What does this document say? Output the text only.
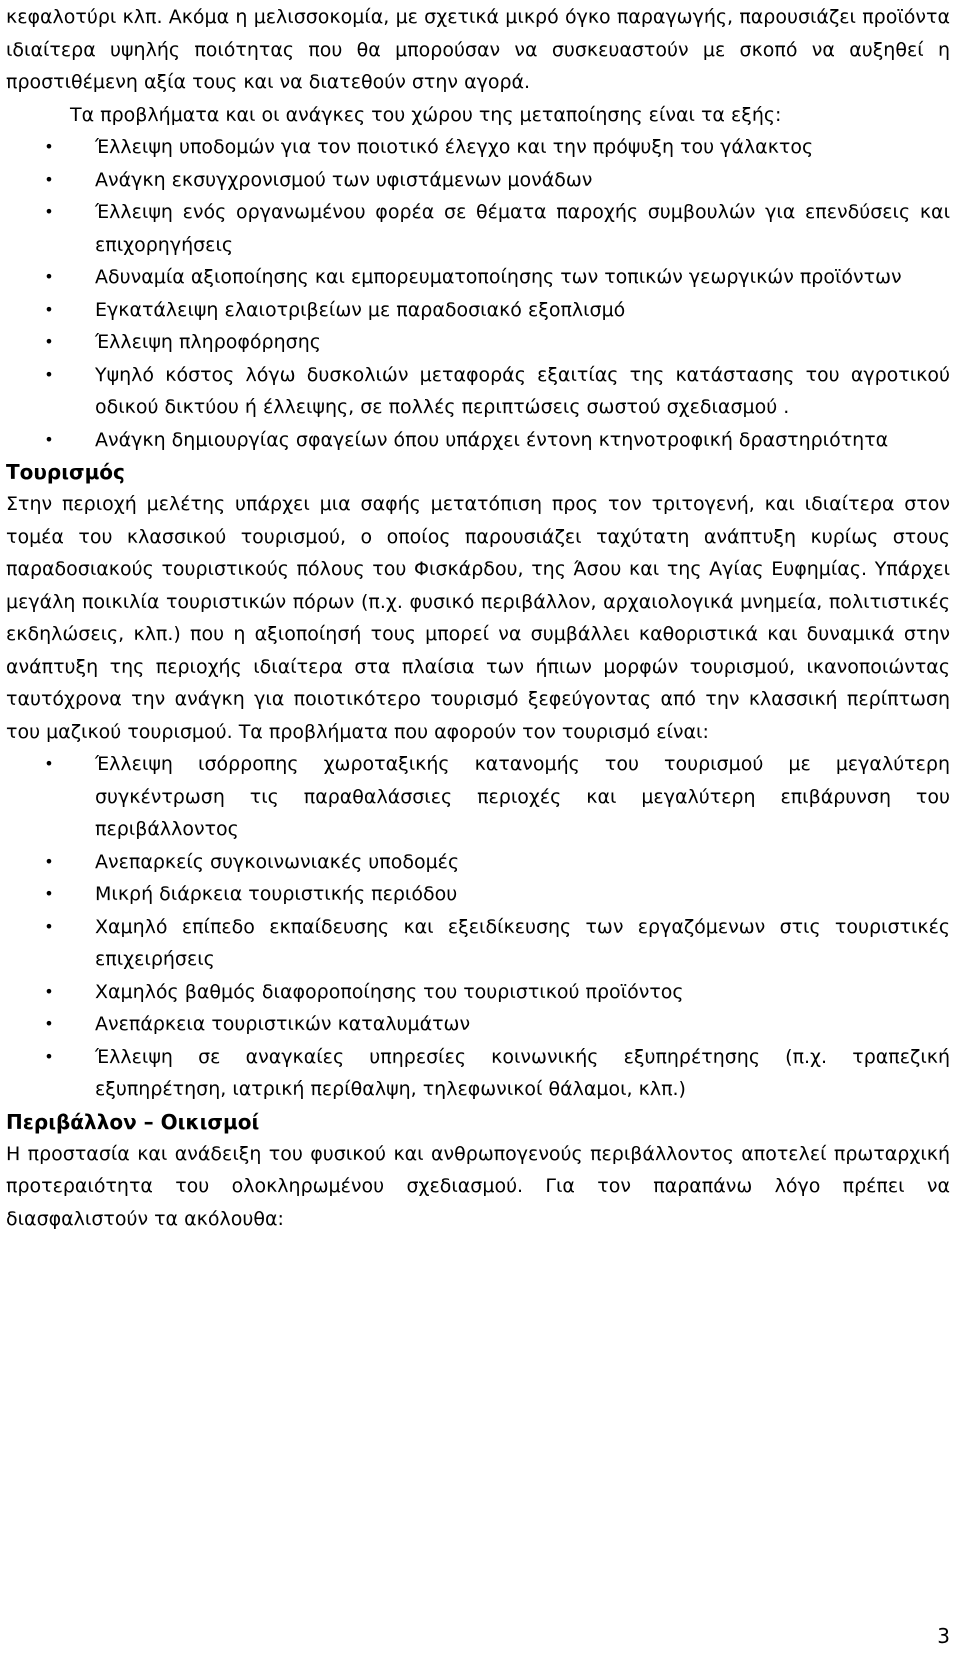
κεφαλοτύρι κλπ. Ακόμα η μελισσοκομία, με σχετικά μικρό όγκο παραγωγής, παρουσιάζει προϊόντα ιδιαίτερα υψηλής ποιότητας που θα μπορούσαν να συσκευαστούν με σκοπό να αυξηθεί η προστιθέμενη αξία τους και να διατεθούν στην αγορά.

Τα προβλήματα και οι ανάγκες του χώρου της μεταποίησης είναι τα εξής:

• Έλλειψη υποδομών για τον ποιοτικό έλεγχο και την πρόψυξη του γάλακτος
• Ανάγκη εκσυγχρονισμού των υφιστάμενων μονάδων
• Έλλειψη ενός οργανωμένου φορέα σε θέματα παροχής συμβουλών για επενδύσεις και επιχορηγήσεις
• Αδυναμία αξιοποίησης και εμπορευματοποίησης των τοπικών γεωργικών προϊόντων
• Εγκατάλειψη ελαιοτριβείων με παραδοσιακό εξοπλισμό
• Έλλειψη πληροφόρησης
• Υψηλό κόστος λόγω δυσκολιών μεταφοράς εξαιτίας της κατάστασης του αγροτικού οδικού δικτύου ή έλλειψης, σε πολλές περιπτώσεις σωστού σχεδιασμού .
• Ανάγκη δημιουργίας σφαγείων όπου υπάρχει έντονη κτηνοτροφική δραστηριότητα
Τουρισμός

Στην περιοχή μελέτης υπάρχει μια σαφής μετατόπιση προς τον τριτογενή, και ιδιαίτερα στον τομέα του κλασσικού τουρισμού, ο οποίος παρουσιάζει ταχύτατη ανάπτυξη κυρίως στους παραδοσιακούς τουριστικούς πόλους του Φισκάρδου, της Άσου και της Αγίας Ευφημίας. Υπάρχει μεγάλη ποικιλία τουριστικών πόρων (π.χ. φυσικό περιβάλλον, αρχαιολογικά μνημεία, πολιτιστικές εκδηλώσεις, κλπ.) που η αξιοποίησή τους μπορεί να συμβάλλει καθοριστικά και δυναμικά στην ανάπτυξη της περιοχής ιδιαίτερα στα πλαίσια των ήπιων μορφών τουρισμού, ικανοποιώντας ταυτόχρονα την ανάγκη για ποιοτικότερο τουρισμό ξεφεύγοντας από την κλασσική περίπτωση του μαζικού τουρισμού. Τα προβλήματα που αφορούν τον τουρισμό είναι:

• Έλλειψη ισόρροπης χωροταξικής κατανομής του τουρισμού με μεγαλύτερη συγκέντρωση τις παραθαλάσσιες περιοχές και μεγαλύτερη επιβάρυνση του περιβάλλοντος
• Ανεπαρκείς συγκοινωνιακές υποδομές
• Μικρή διάρκεια τουριστικής περιόδου
• Χαμηλό επίπεδο εκπαίδευσης και εξειδίκευσης των εργαζόμενων στις τουριστικές επιχειρήσεις
• Χαμηλός βαθμός διαφοροποίησης του τουριστικού προϊόντος
• Ανεπάρκεια τουριστικών καταλυμάτων
• Έλλειψη σε αναγκαίες υπηρεσίες κοινωνικής εξυπηρέτησης (π.χ. τραπεζική εξυπηρέτηση, ιατρική περίθαλψη, τηλεφωνικοί θάλαμοι, κλπ.)
Περιβάλλον – Οικισμοί

Η προστασία και ανάδειξη του φυσικού και ανθρωπογενούς περιβάλλοντος αποτελεί πρωταρχική προτεραιότητα του ολοκληρωμένου σχεδιασμού. Για τον παραπάνω λόγο πρέπει να διασφαλιστούν τα ακόλουθα:

3
